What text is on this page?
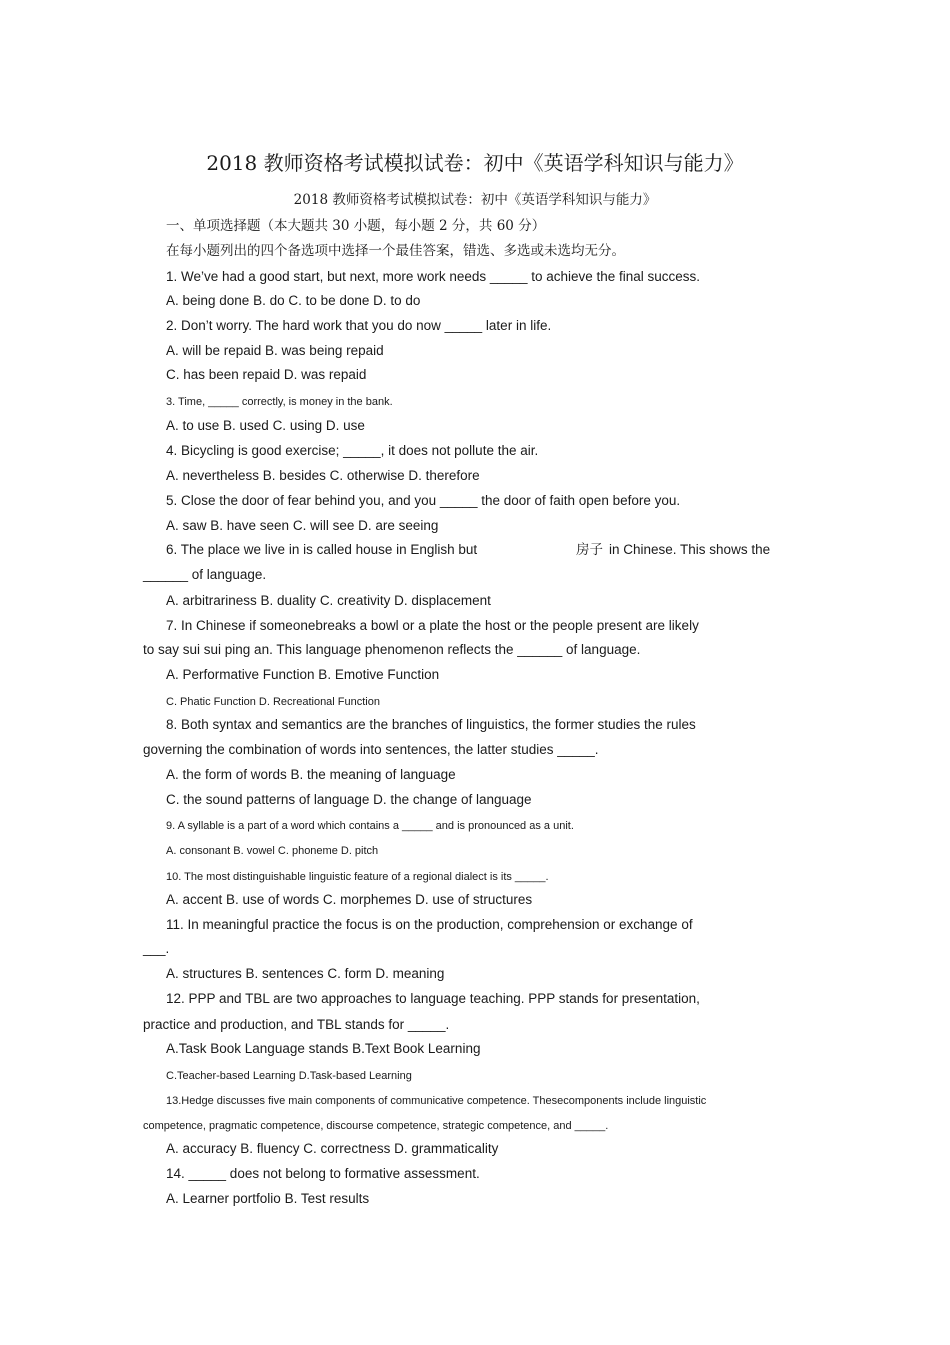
2018 教师资格考试模拟试卷：初中《英语学科知识与能力》
2018 教师资格考试模拟试卷：初中《英语学科知识与能力》
一、单项选择题（本大题共 30 小题，每小题 2 分，共 60 分）
在每小题列出的四个备选项中选择一个最佳答案，错选、多选或未选均无分。
1. We’ve had a good start, but next, more work needs _____ to achieve the final success.
A. being done B. do C. to be done D. to do
2. Don’t worry. The hard work that you do now _____ later in life.
A. will be repaid B. was being repaid
C. has been repaid D. was repaid
3. Time, _____ correctly, is money in the bank.
A. to use B. used C. using D. use
4. Bicycling is good exercise; _____, it does not pollute the air.
A. nevertheless B. besides C. otherwise D. therefore
5. Close the door of fear behind you, and you _____ the door of faith open before you.
A. saw B. have seen C. will see D. are seeing
6. The place we live in is called house in English but	房子 in Chinese. This shows the
______ of language.
A. arbitrariness B. duality C. creativity D. displacement
7. In Chinese if someonebreaks a bowl or a plate the host or the people present are likely
to say sui sui ping an. This language phenomenon reflects the ______ of language.
A. Performative Function B. Emotive Function
C. Phatic Function D. Recreational Function
8. Both syntax and semantics are the branches of linguistics, the former studies the rules
governing the combination of words into sentences, the latter studies _____.
A. the form of words B. the meaning of language
C. the sound patterns of language D. the change of language
9. A syllable is a part of a word which contains a _____ and is pronounced as a unit.
A. consonant B. vowel C. phoneme D. pitch
10. The most distinguishable linguistic feature of a regional dialect is its _____.
A. accent B. use of words C. morphemes D. use of structures
11. In meaningful practice the focus is on the production, comprehension or exchange of
___.
A. structures B. sentences C. form D. meaning
12. PPP and TBL are two approaches to language teaching. PPP stands for presentation,
practice and production, and TBL stands for _____.
A.Task Book Language stands B.Text Book Learning
C.Teacher-based Learning D.Task-based Learning
13.Hedge discusses five main components of communicative competence. Thesecomponents include linguistic
competence, pragmatic competence, discourse competence, strategic competence, and _____.
A. accuracy B. fluency C. correctness D. grammaticality
14. _____ does not belong to formative assessment.
A. Learner portfolio B. Test results
